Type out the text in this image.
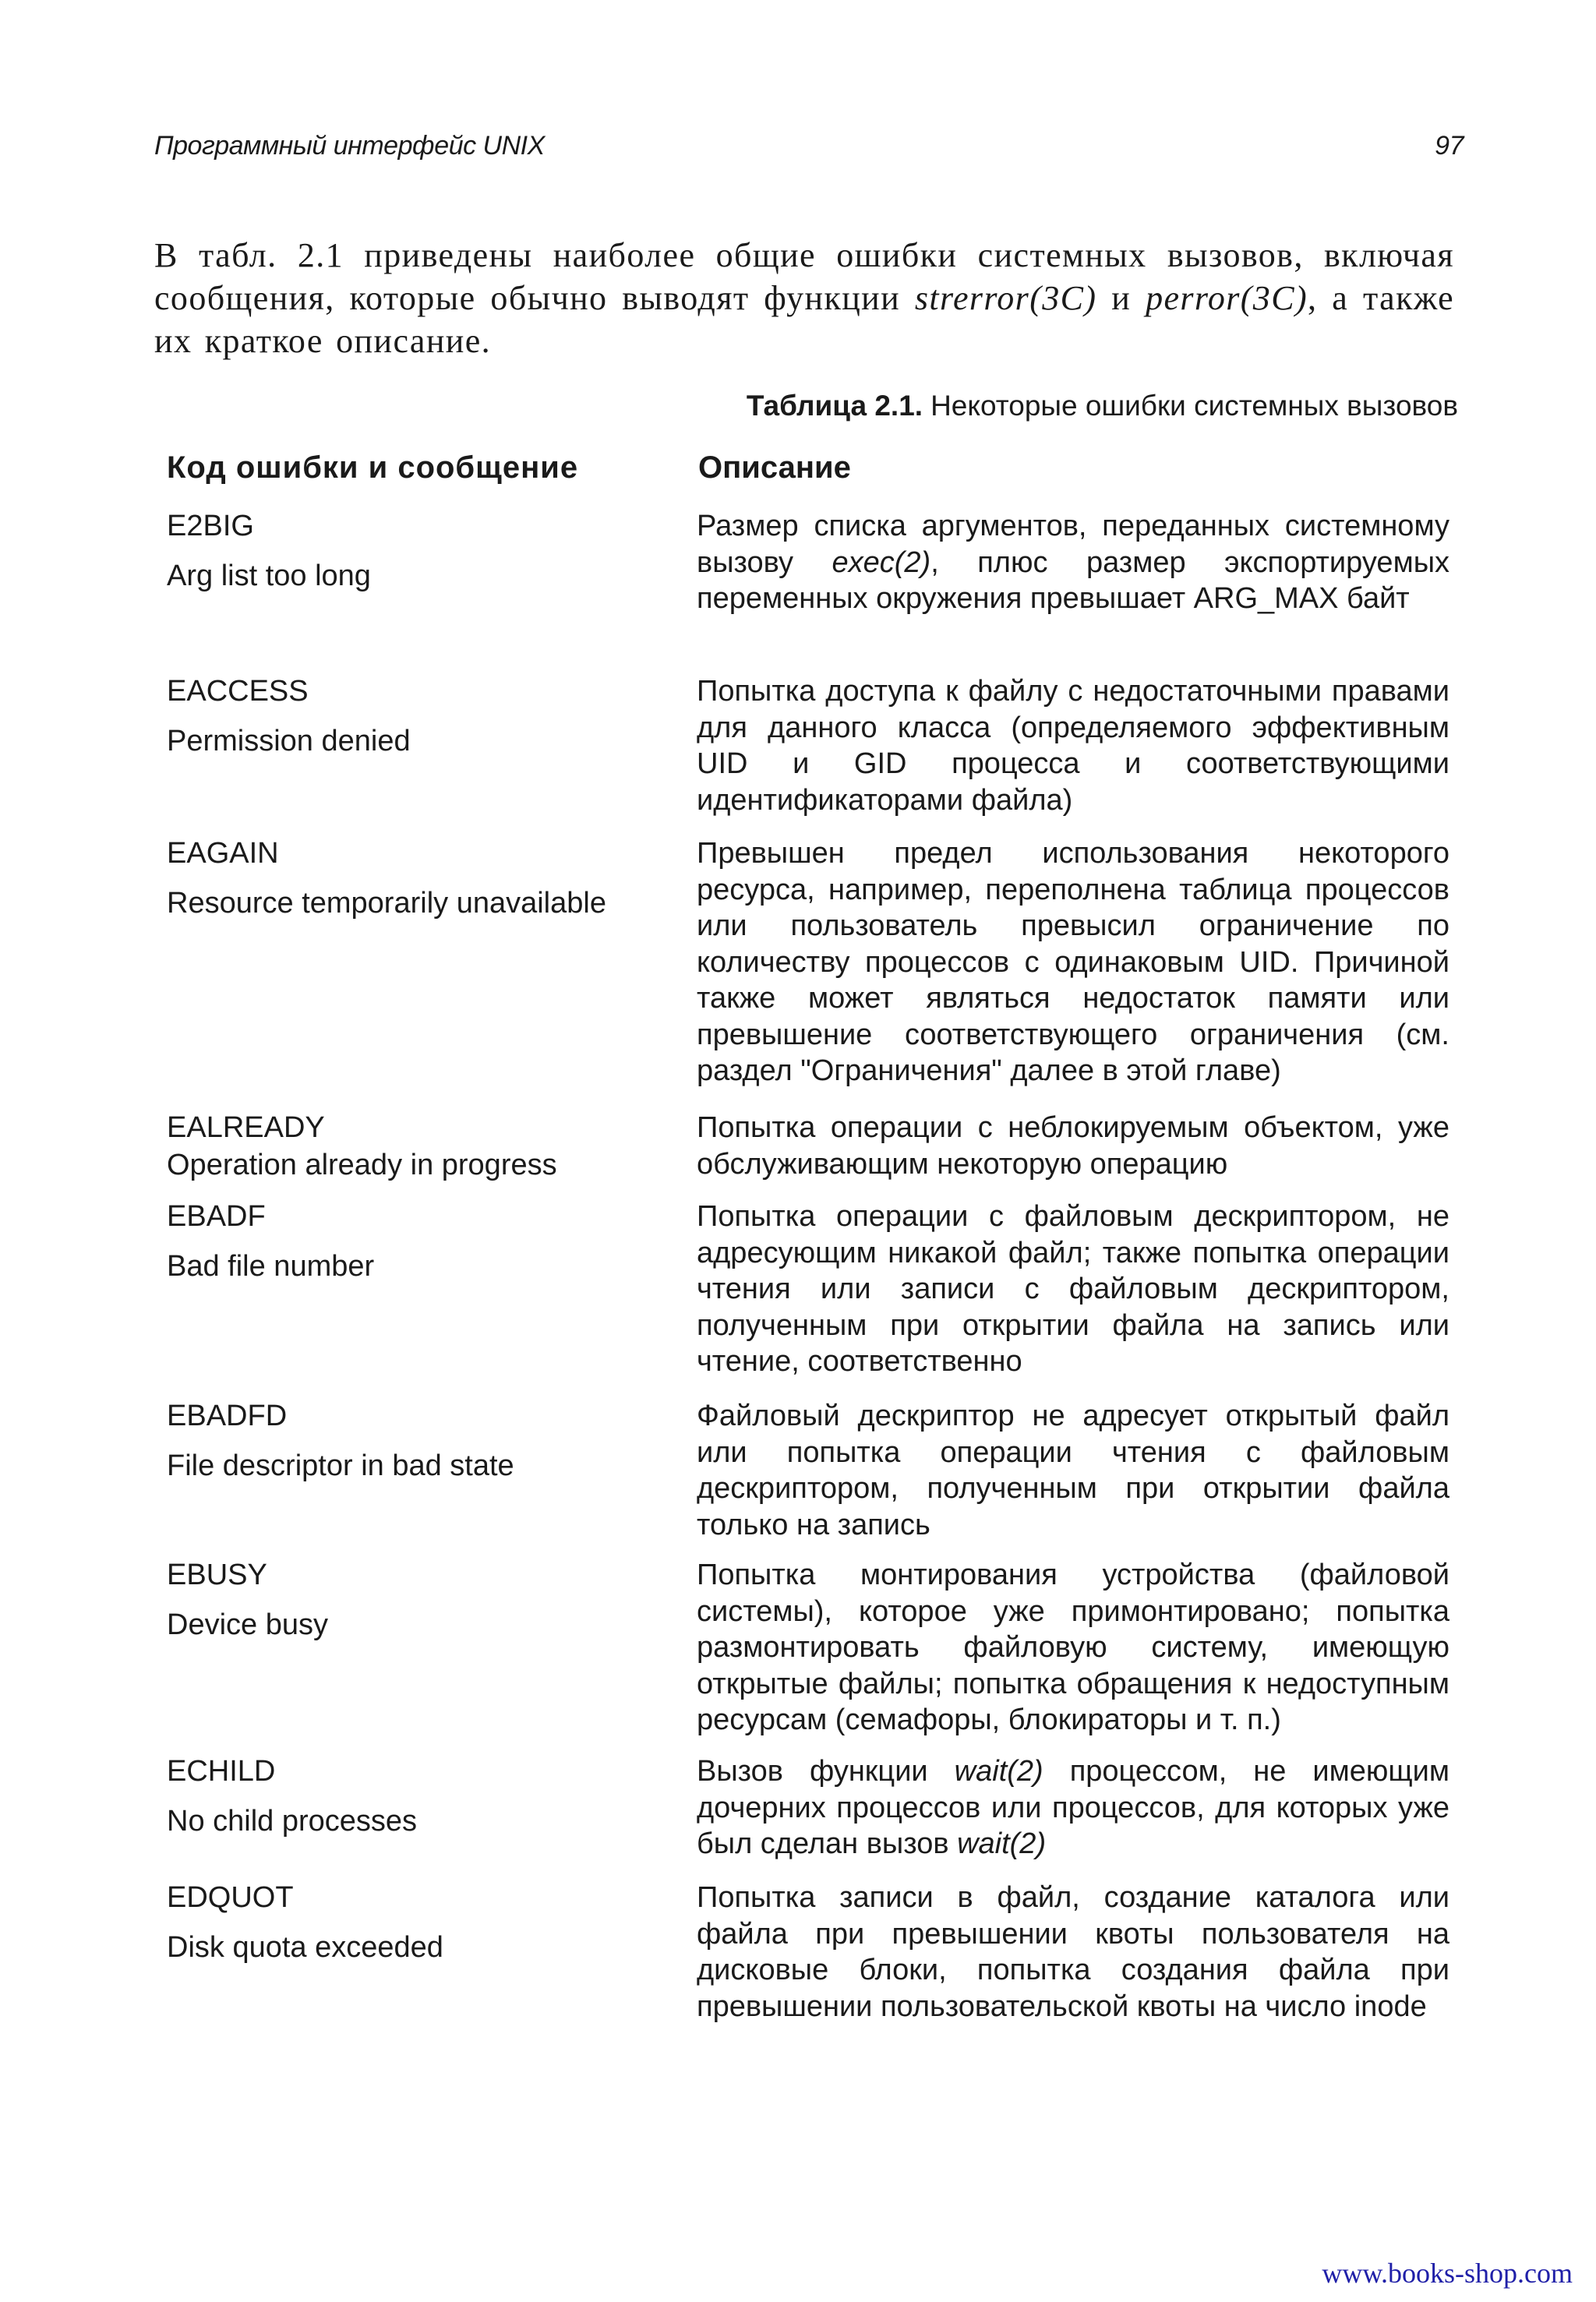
Программный интерфейс UNIX	97

В табл. 2.1 приведены наиболее общие ошибки системных вызовов, включая сообщения, которые обычно выводят функции strerror(3C) и perror(3C), а также их краткое описание.

Таблица 2.1. Некоторые ошибки системных вызовов
Код ошибки и сообщение	Описание
E2BIG
Arg list too long
Размер списка аргументов, переданных системному вызову exec(2), плюс размер экспортируемых переменных окружения превышает ARG_MAX байт
EACCESS
Permission denied
Попытка доступа к файлу с недостаточными правами для данного класса (определяемого эффективным UID и GID процесса и соответствующими идентификаторами файла)
EAGAIN
Resource temporarily unavailable
Превышен предел использования некоторого ресурса, например, переполнена таблица процессов или пользователь превысил ограничение по количеству процессов с одинаковым UID. Причиной также может являться недостаток памяти или превышение соответствующего ограничения (см. раздел "Ограничения" далее в этой главе)
EALREADY
Operation already in progress
Попытка операции с неблокируемым объектом, уже обслуживающим некоторую операцию
EBADF
Bad file number
Попытка операции с файловым дескриптором, не адресующим никакой файл; также попытка операции чтения или записи с файловым дескриптором, полученным при открытии файла на запись или чтение, соответственно
EBADFD
File descriptor in bad state
Файловый дескриптор не адресует открытый файл или попытка операции чтения с файловым дескриптором, полученным при открытии файла только на запись
EBUSY
Device busy
Попытка монтирования устройства (файловой системы), которое уже примонтировано; попытка размонтировать файловую систему, имеющую открытые файлы; попытка обращения к недоступным ресурсам (семафоры, блокираторы и т. п.)
ECHILD
No child processes
Вызов функции wait(2) процессом, не имеющим дочерних процессов или процессов, для которых уже был сделан вызов wait(2)
EDQUOT
Disk quota exceeded
Попытка записи в файл, создание каталога или файла при превышении квоты пользователя на дисковые блоки, попытка создания файла при превышении пользовательской квоты на число inode
www.books-shop.com
